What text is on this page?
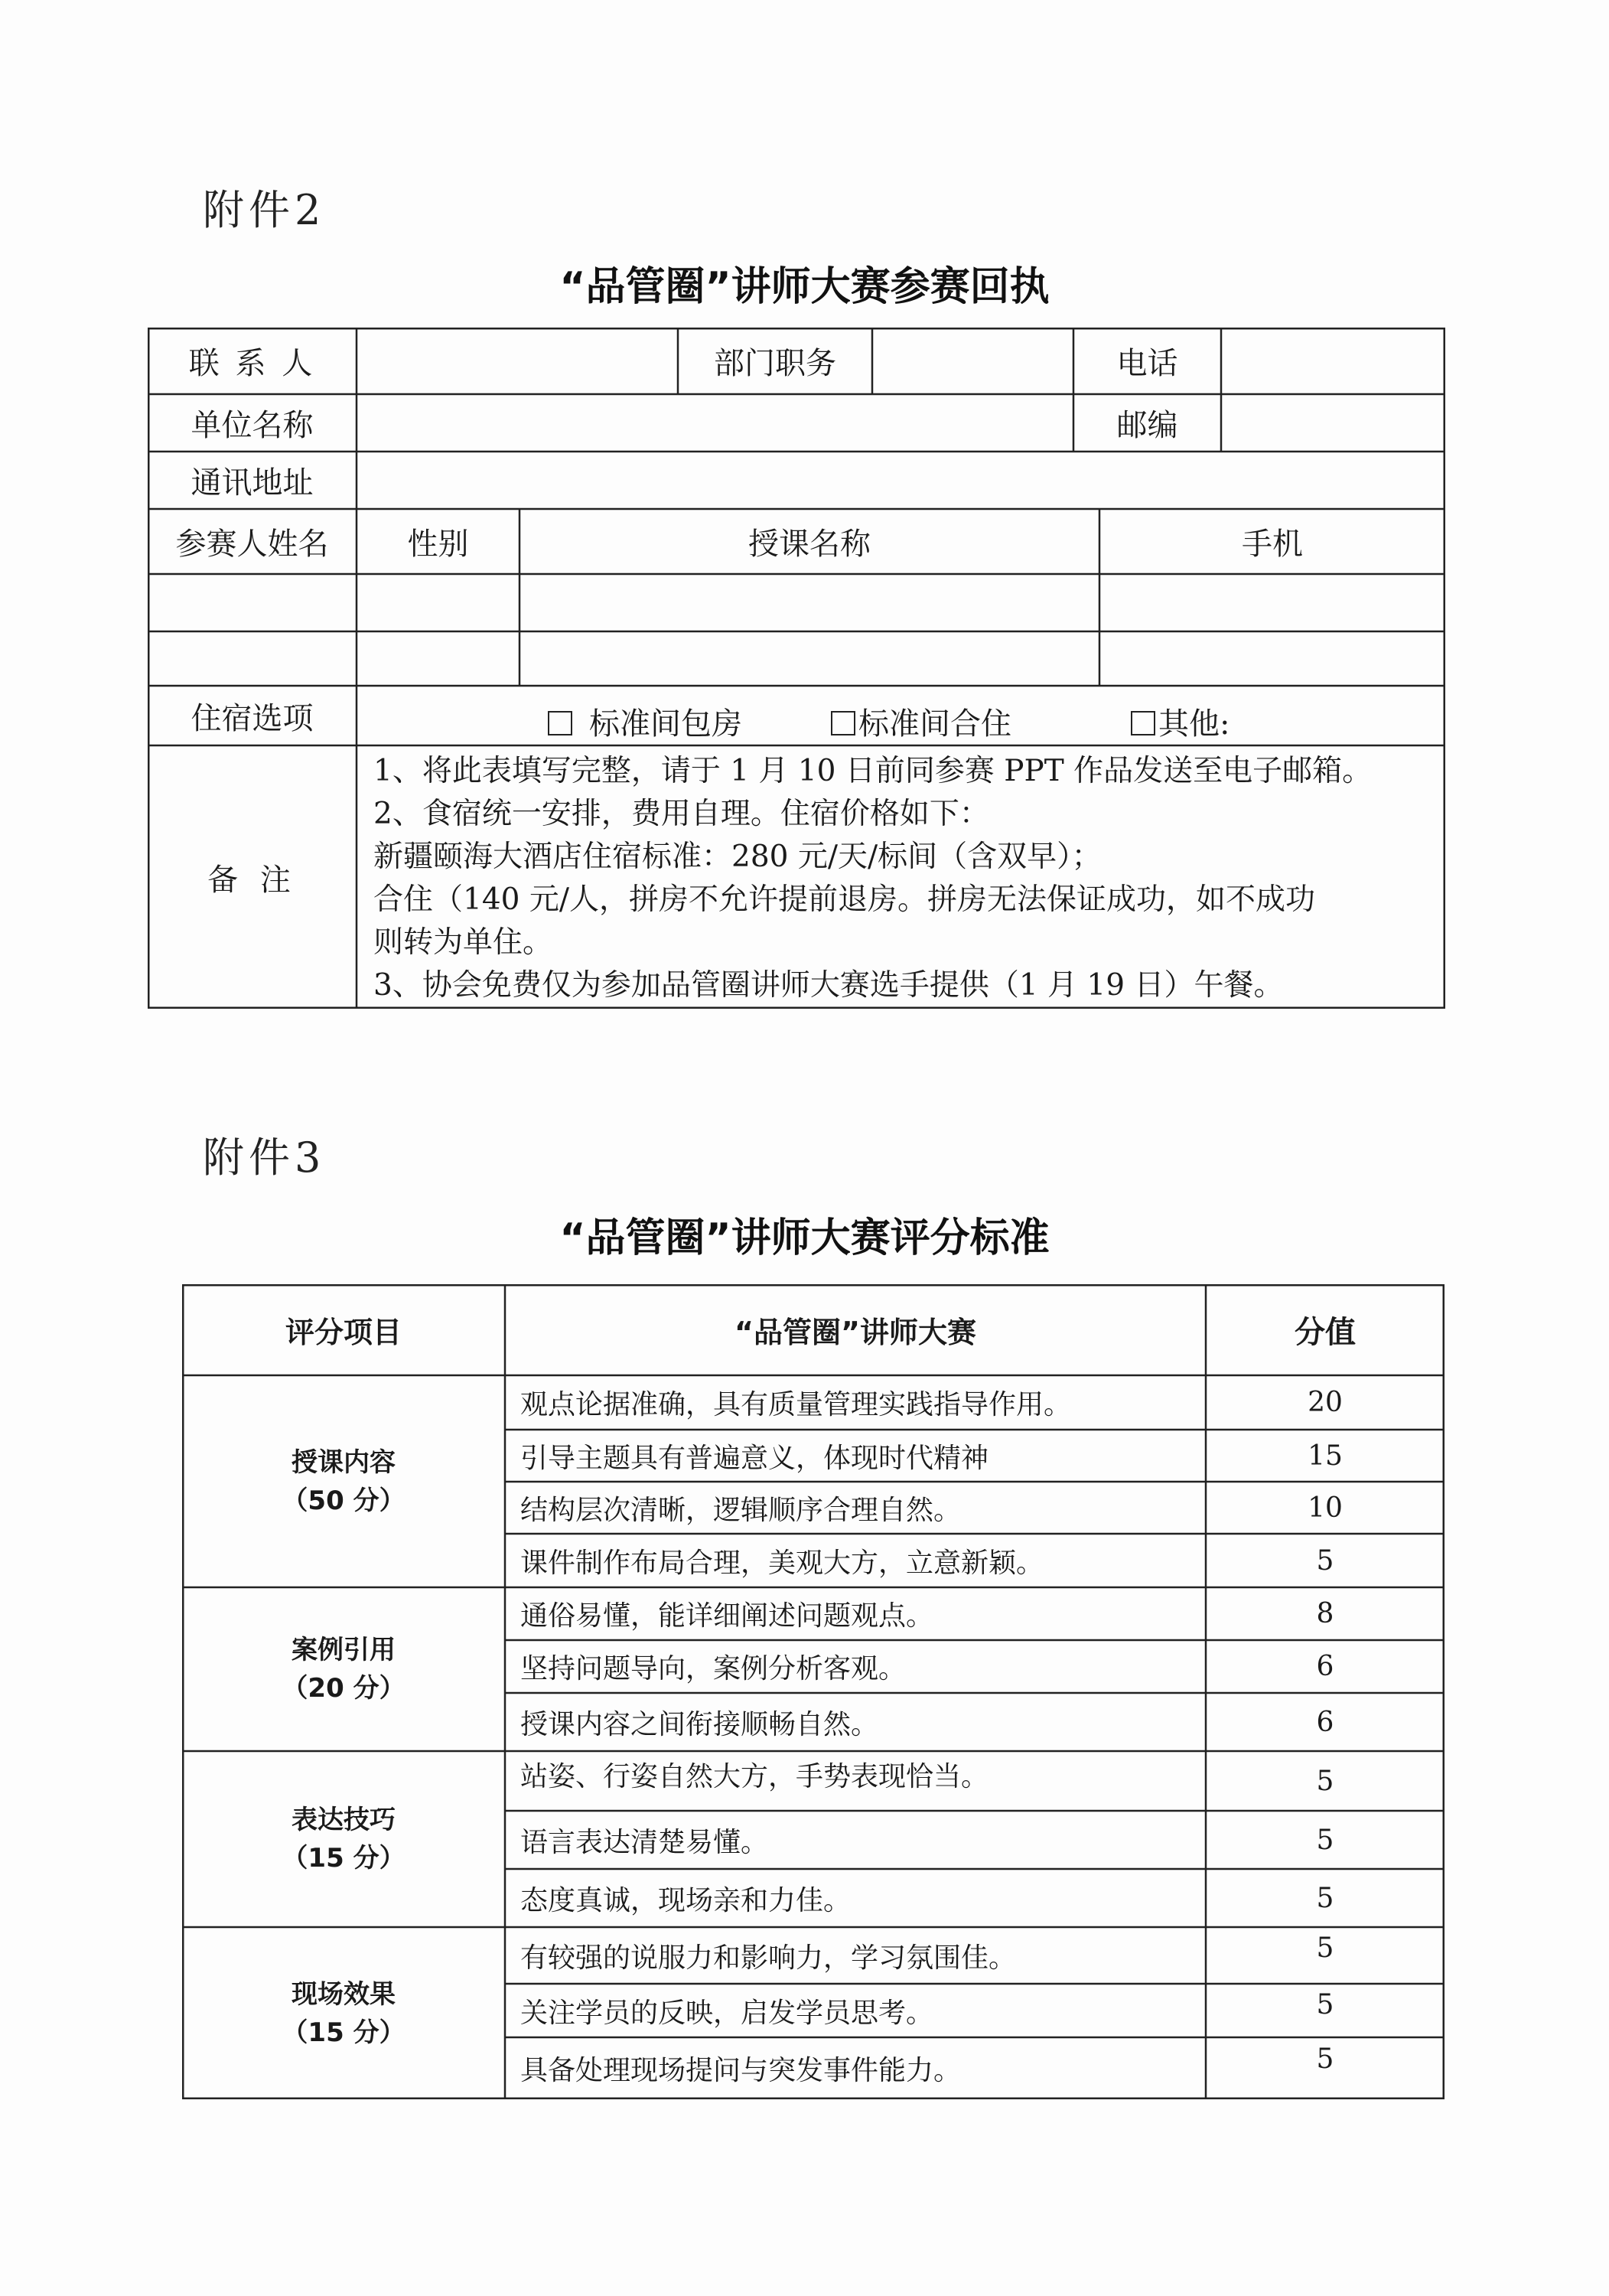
附件2
“品管圈”讲师大赛参赛回执
联 系 人	部门职务	电话
单位名称	邮编
通讯地址
参赛人姓名	性别	授课名称	手机
住宿选项	标准间包房	标准间合住	其他:
备 注
1、将此表填写完整，请于 1 月 10 日前同参赛 PPT 作品发送至电子邮箱。
2、食宿统一安排，费用自理。住宿价格如下：
新疆颐海大酒店住宿标准：280 元/天/标间（含双早）；
合住（140 元/人，拼房不允许提前退房。拼房无法保证成功，如不成功
则转为单住。
3、协会免费仅为参加品管圈讲师大赛选手提供（1 月 19 日）午餐。
附件3
“品管圈”讲师大赛评分标准
评分项目	“品管圈”讲师大赛	分值
授课内容
（50 分）
观点论据准确，具有质量管理实践指导作用。	20
引导主题具有普遍意义，体现时代精神	15
结构层次清晰，逻辑顺序合理自然。	10
课件制作布局合理，美观大方，立意新颖。	5
案例引用
（20 分）
通俗易懂，能详细阐述问题观点。	8
坚持问题导向，案例分析客观。	6
授课内容之间衔接顺畅自然。	6
表达技巧
（15 分）
站姿、行姿自然大方，手势表现恰当。	5
语言表达清楚易懂。	5
态度真诚，现场亲和力佳。	5
现场效果
（15 分）
有较强的说服力和影响力，学习氛围佳。	5
关注学员的反映，启发学员思考。	5
具备处理现场提问与突发事件能力。	5
